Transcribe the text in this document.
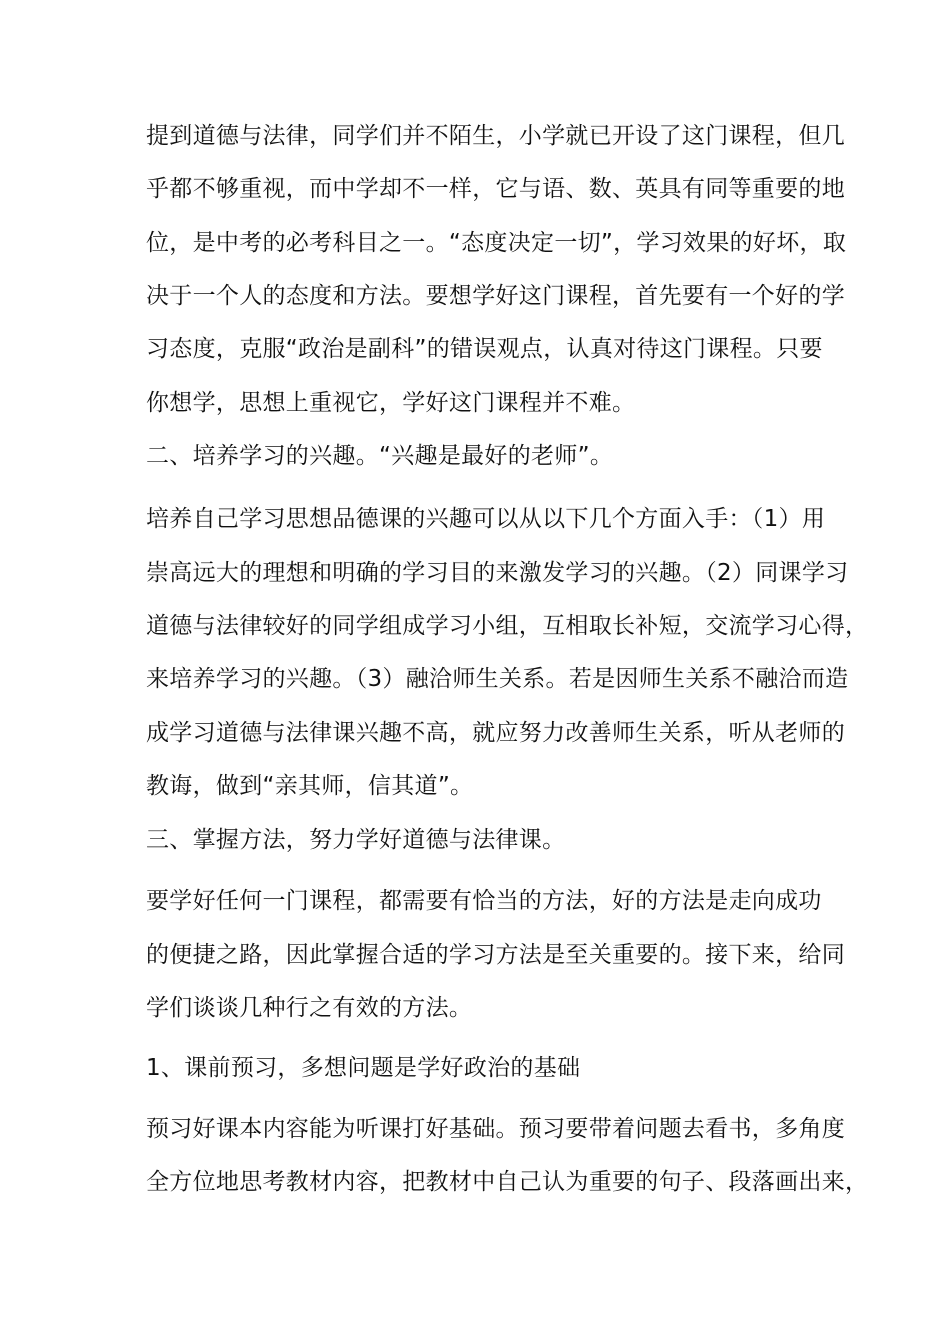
提到道德与法律，同学们并不陌生，小学就已开设了这门课程，但几
乎都不够重视，而中学却不一样，它与语、数、英具有同等重要的地
位，是中考的必考科目之一。“态度决定一切”，学习效果的好坏，取
决于一个人的态度和方法。要想学好这门课程，首先要有一个好的学
习态度，克服“政治是副科”的错误观点，认真对待这门课程。只要
你想学，思想上重视它，学好这门课程并不难。
二、培养学习的兴趣。“兴趣是最好的老师”。
培养自己学习思想品德课的兴趣可以从以下几个方面入手：（1）用
崇高远大的理想和明确的学习目的来激发学习的兴趣。（2）同课学习
道德与法律较好的同学组成学习小组，互相取长补短，交流学习心得，
来培养学习的兴趣。（3）融洽师生关系。若是因师生关系不融洽而造
成学习道德与法律课兴趣不高，就应努力改善师生关系，听从老师的
教诲，做到“亲其师，信其道”。
三、掌握方法，努力学好道德与法律课。
要学好任何一门课程，都需要有恰当的方法，好的方法是走向成功
的便捷之路，因此掌握合适的学习方法是至关重要的。接下来，给同
学们谈谈几种行之有效的方法。
1、课前预习，多想问题是学好政治的基础
预习好课本内容能为听课打好基础。预习要带着问题去看书，多角度
全方位地思考教材内容，把教材中自己认为重要的句子、段落画出来，
